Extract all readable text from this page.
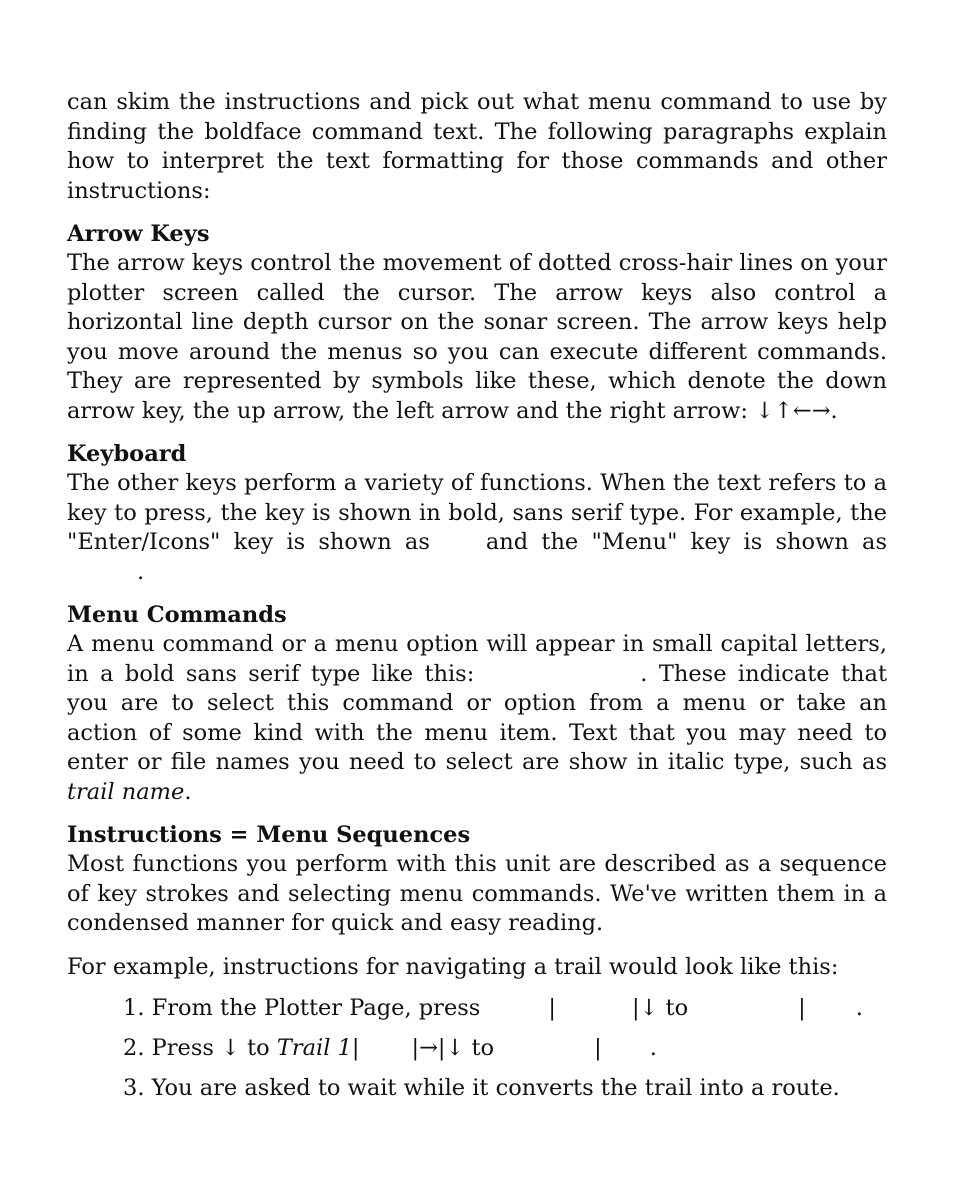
can skim the instructions and pick out what menu command to use by finding the boldface command text. The following paragraphs explain how to interpret the text formatting for those commands and other instructions:

Arrow Keys

The arrow keys control the movement of dotted cross-hair lines on your plotter screen called the cursor. The arrow keys also control a horizontal line depth cursor on the sonar screen. The arrow keys help you move around the menus so you can execute different commands. They are represented by symbols like these, which denote the down arrow key, the up arrow, the left arrow and the right arrow: ↓↑←→.

Keyboard

The other keys perform a variety of functions. When the text refers to a key to press, the key is shown in bold, sans serif type. For example, the "Enter/Icons" key is shown as and the "Menu" key is shown as.

Menu Commands

A menu command or a menu option will appear in small capital letters, in a bold sans serif type like this:	. These indicate that you are to select this command or option from a menu or take an action of some kind with the menu item. Text that you may need to enter or file names you need to select are show in italic type, such as trail name.

Instructions = Menu Sequences

Most functions you perform with this unit are described as a sequence of key strokes and selecting menu commands. We've written them in a condensed manner for quick and easy reading.

For example, instructions for navigating a trail would look like this:

1. From the Plotter Page, press	|	|↓ to	| .
2. Press ↓ to Trail 1| |→|↓ to	| .
3. You are asked to wait while it converts the trail into a route.
